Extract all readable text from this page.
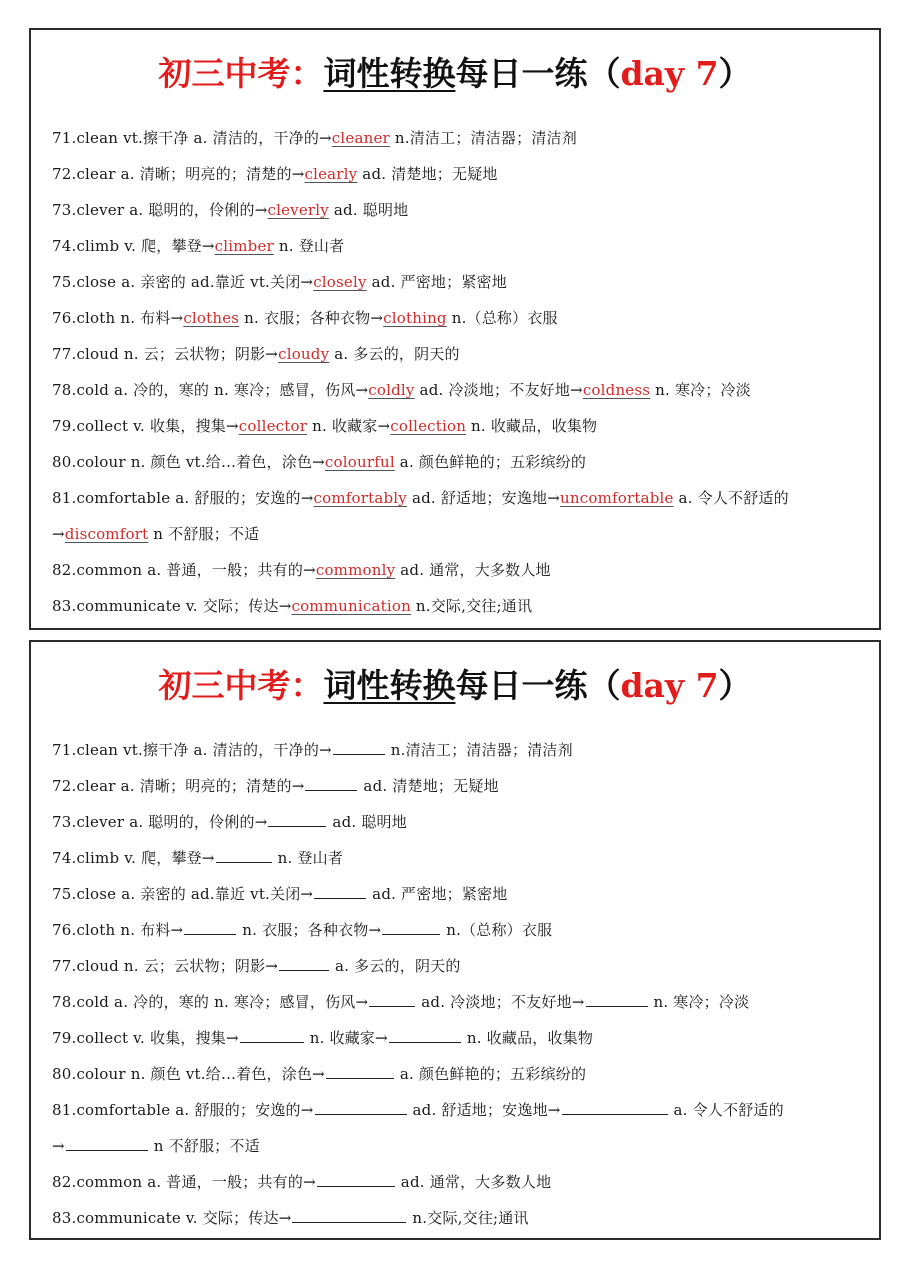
初三中考：词性转换每日一练（day 7）
71.clean vt.擦干净 a. 清洁的，干净的→cleaner n.清洁工；清洁器；清洁剂
72.clear a. 清晰；明亮的；清楚的→clearly ad. 清楚地；无疑地
73.clever a. 聪明的，伶俐的→cleverly ad. 聪明地
74.climb v. 爬，攀登→climber n. 登山者
75.close a. 亲密的 ad.靠近 vt.关闭→closely ad. 严密地；紧密地
76.cloth n. 布料→clothes n. 衣服；各种衣物→clothing n.（总称）衣服
77.cloud n. 云；云状物；阴影→cloudy a. 多云的，阴天的
78.cold a. 冷的，寒的 n. 寒冷；感冒，伤风→coldly ad. 冷淡地；不友好地→coldness n. 寒冷；冷淡
79.collect v. 收集，搜集→collector n. 收藏家→collection n. 收藏品，收集物
80.colour n. 颜色 vt.给…着色，涂色→colourful a. 颜色鲜艳的；五彩缤纷的
81.comfortable a. 舒服的；安逸的→comfortably ad. 舒适地；安逸地→uncomfortable a. 令人不舒适的
→discomfort n 不舒服；不适
82.common a. 普通，一般；共有的→commonly ad. 通常，大多数人地
83.communicate v. 交际；传达→communication n.交际,交往;通讯
初三中考：词性转换每日一练（day 7）
71.clean vt.擦干净 a. 清洁的，干净的→	n.清洁工；清洁器；清洁剂
72.clear a. 清晰；明亮的；清楚的→	ad. 清楚地；无疑地
73.clever a. 聪明的，伶俐的→	ad. 聪明地
74.climb v. 爬，攀登→	n. 登山者
75.close a. 亲密的 ad.靠近 vt.关闭→	ad. 严密地；紧密地
76.cloth n. 布料→	n. 衣服；各种衣物→	n.（总称）衣服
77.cloud n. 云；云状物；阴影→	a. 多云的，阴天的
78.cold a. 冷的，寒的 n. 寒冷；感冒，伤风→	ad. 冷淡地；不友好地→	n. 寒冷；冷淡
79.collect v. 收集，搜集→	n. 收藏家→	n. 收藏品，收集物
80.colour n. 颜色 vt.给…着色，涂色→	a. 颜色鲜艳的；五彩缤纷的
81.comfortable a. 舒服的；安逸的→	ad. 舒适地；安逸地→	a. 令人不舒适的
→	n 不舒服；不适
82.common a. 普通，一般；共有的→	ad. 通常，大多数人地
83.communicate v. 交际；传达→	n.交际,交往;通讯
